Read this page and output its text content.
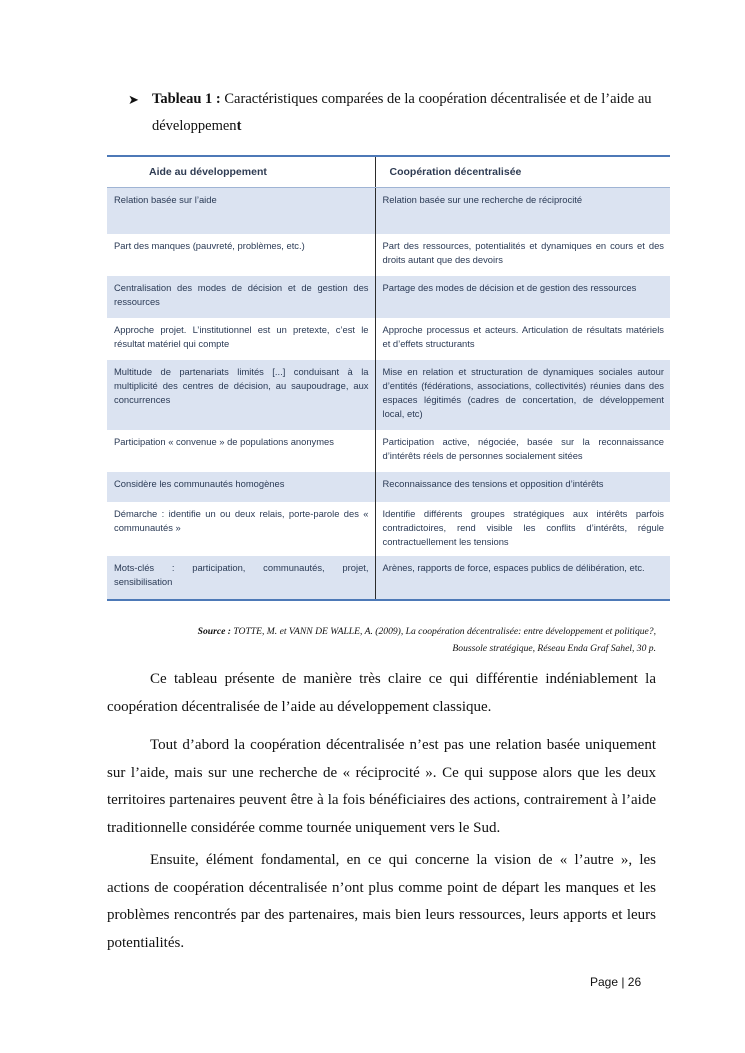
➤ Tableau 1 : Caractéristiques comparées de la coopération décentralisée et de l’aide au développement
Aide au développement	Coopération décentralisée
Relation basée sur l’aide	Relation basée sur une recherche de réciprocité
Part des manques (pauvreté, problèmes, etc.)	Part des ressources, potentialités et dynamiques en cours et des droits autant que des devoirs
Centralisation des modes de décision et de gestion des ressources	Partage des modes de décision et de gestion des ressources
Approche projet. L’institutionnel est un pretexte, c’est le résultat matériel qui compte	Approche processus et acteurs. Articulation de résultats matériels et d’effets structurants
Multitude de partenariats limités [...] conduisant à la multiplicité des centres de décision, au saupoudrage, aux concurrences	Mise en relation et structuration de dynamiques sociales autour d’entités (fédérations, associations, collectivités) réunies dans des espaces légitimés (cadres de concertation, de développement local, etc)
Participation « convenue » de populations anonymes	Participation active, négociée, basée sur la reconnaissance d’intérêts réels de personnes socialement sitées
Considère les communautés homogènes	Reconnaissance des tensions et opposition d’intérêts
Démarche : identifie un ou deux relais, porte-parole des « communautés »	Identifie différents groupes stratégiques aux intérêts parfois contradictoires, rend visible les conflits d’intérêts, régule contractuellement les tensions
Mots-clés : participation, communautés, projet, sensibilisation	Arènes, rapports de force, espaces publics de délibération, etc.
Source : TOTTE, M. et VANN DE WALLE, A. (2009), La coopération décentralisée: entre développement et politique?, Boussole stratégique, Réseau Enda Graf Sahel, 30 p.

Ce tableau présente de manière très claire ce qui différentie indéniablement la coopération décentralisée de l’aide au développement classique.

Tout d’abord la coopération décentralisée n’est pas une relation basée uniquement sur l’aide, mais sur une recherche de « réciprocité ». Ce qui suppose alors que les deux territoires partenaires peuvent être à la fois bénéficiaires des actions, contrairement à l’aide traditionnelle considérée comme tournée uniquement vers le Sud.

Ensuite, élément fondamental, en ce qui concerne la vision de « l’autre », les actions de coopération décentralisée n’ont plus comme point de départ les manques et les problèmes rencontrés par des partenaires, mais bien leurs ressources, leurs apports et leurs potentialités.

Page | 26
